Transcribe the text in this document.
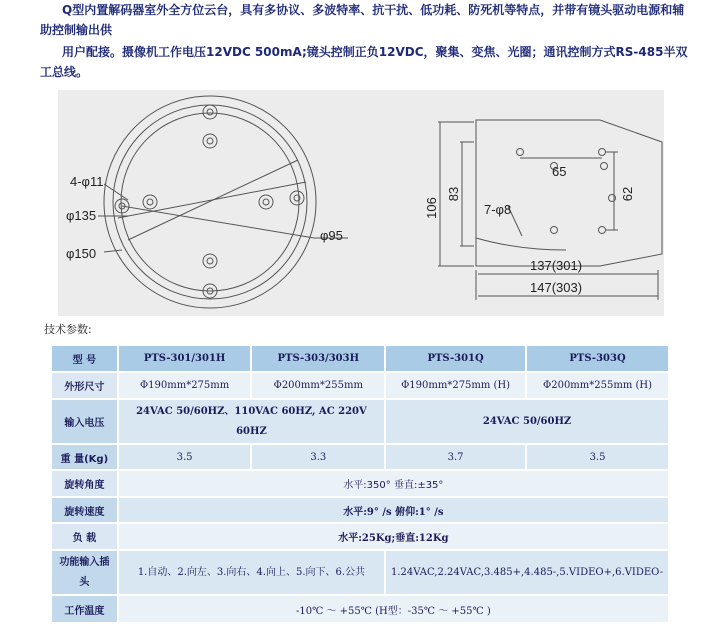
Q型内置解码器室外全方位云台，具有多协议、多波特率、抗干扰、低功耗、防死机等特点，并带有镜头驱动电源和辅助控制输出供

用户配接。摄像机工作电压12VDC 500mA;镜头控制正负12VDC，聚集、变焦、光圈；通讯控制方式RS-485半双工总线。

4-φ11
φ135
φ150
φ95
106
83
65
62
7-φ8
137(301)
147(303)
技术参数:
型 号	PTS-301/301H	PTS-303/303H	PTS-301Q	PTS-303Q
外形尺寸	Φ190mm*275mm	Φ200mm*255mm	Φ190mm*275mm (H)	Φ200mm*255mm (H)
输入电压	24VAC 50/60HZ、110VAC 60HZ, AC 220V 60HZ		24VAC 50/60HZ	
重 量(Kg)	3.5	3.3	3.7	3.5
旋转角度	水平:350° 垂直:±35°			
旋转速度	水平:9° /s 俯仰:1° /s			
负 载	水平:25Kg;垂直:12Kg			
功能输入插头	1.自动、2.向左、3.向右、4.向上、5.向下、6.公共		1.24VAC,2.24VAC,3.485+,4.485-,5.VIDEO+,6.VIDEO-	
工作温度	-10℃ ～ +55℃ (H型：-35℃ ～ +55℃ )			
